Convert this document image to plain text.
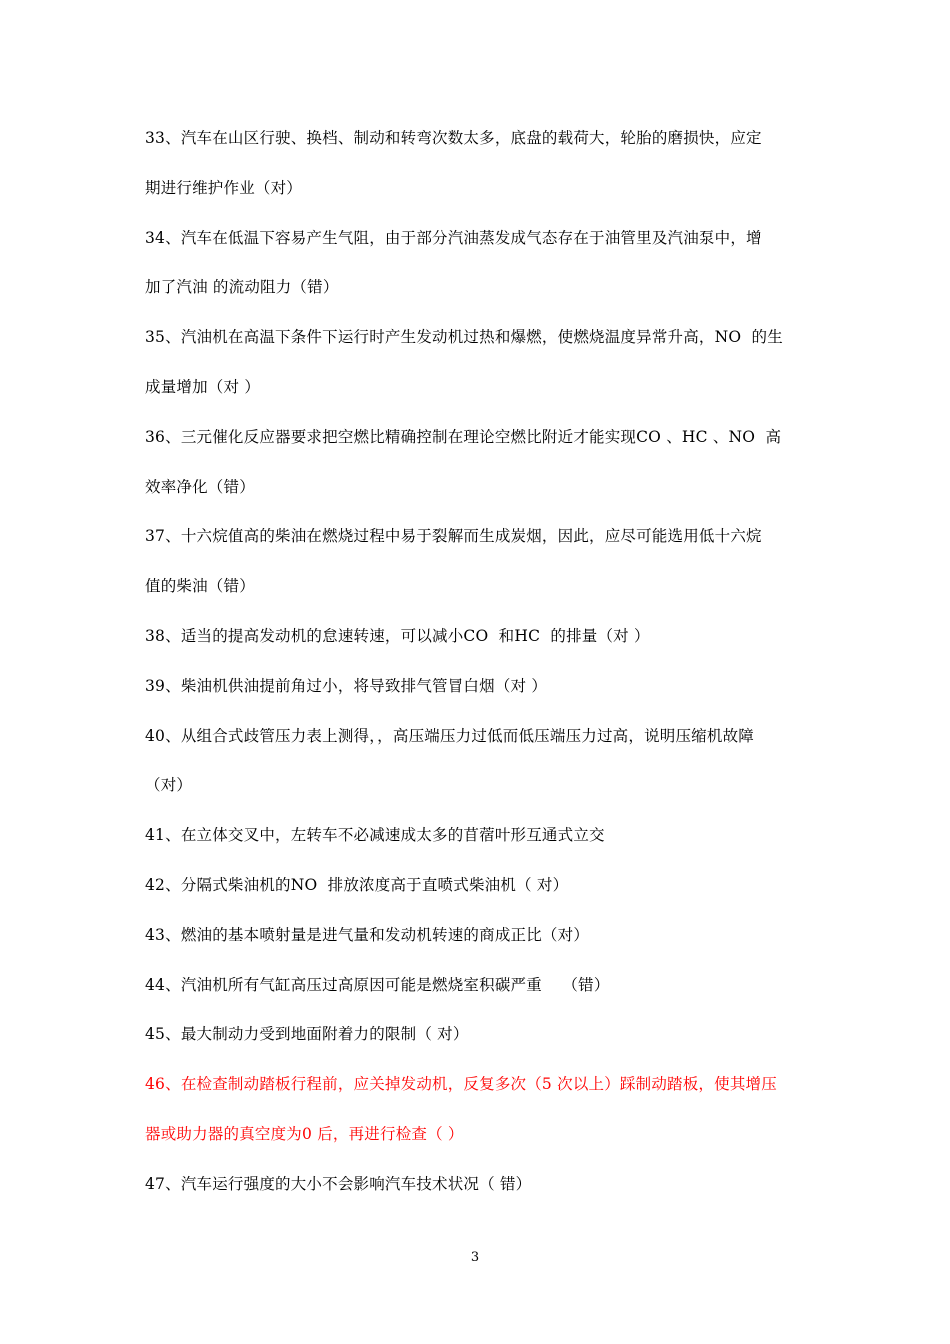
33、汽车在山区行驶、换档、制动和转弯次数太多，底盘的载荷大，轮胎的磨损快，应定
期进行维护作业（对）
34、汽车在低温下容易产生气阻，由于部分汽油蒸发成气态存在于油管里及汽油泵中，增
加了汽油 的流动阻力（错）
35、汽油机在高温下条件下运行时产生发动机过热和爆燃，使燃烧温度异常升高，NO  的生
成量增加（对 ）
36、三元催化反应器要求把空燃比精确控制在理论空燃比附近才能实现CO 、HC 、NO  高
效率净化（错）
37、十六烷值高的柴油在燃烧过程中易于裂解而生成炭烟，因此，应尽可能选用低十六烷
值的柴油（错）
38、适当的提高发动机的怠速转速，可以减小CO  和HC  的排量（对 ）
39、柴油机供油提前角过小，将导致排气管冒白烟（对 ）
40、从组合式歧管压力表上测得，，高压端压力过低而低压端压力过高，说明压缩机故障
（对）
41、在立体交叉中，左转车不必减速成太多的苜蓿叶形互通式立交
42、分隔式柴油机的NO  排放浓度高于直喷式柴油机（ 对）
43、燃油的基本喷射量是进气量和发动机转速的商成正比（对）
44、汽油机所有气缸高压过高原因可能是燃烧室积碳严重    （错）
45、最大制动力受到地面附着力的限制（ 对）
46、在检查制动踏板行程前，应关掉发动机，反复多次（5 次以上）踩制动踏板，使其增压
器或助力器的真空度为0 后，再进行检查（ ）
47、汽车运行强度的大小不会影响汽车技术状况（ 错）
3
